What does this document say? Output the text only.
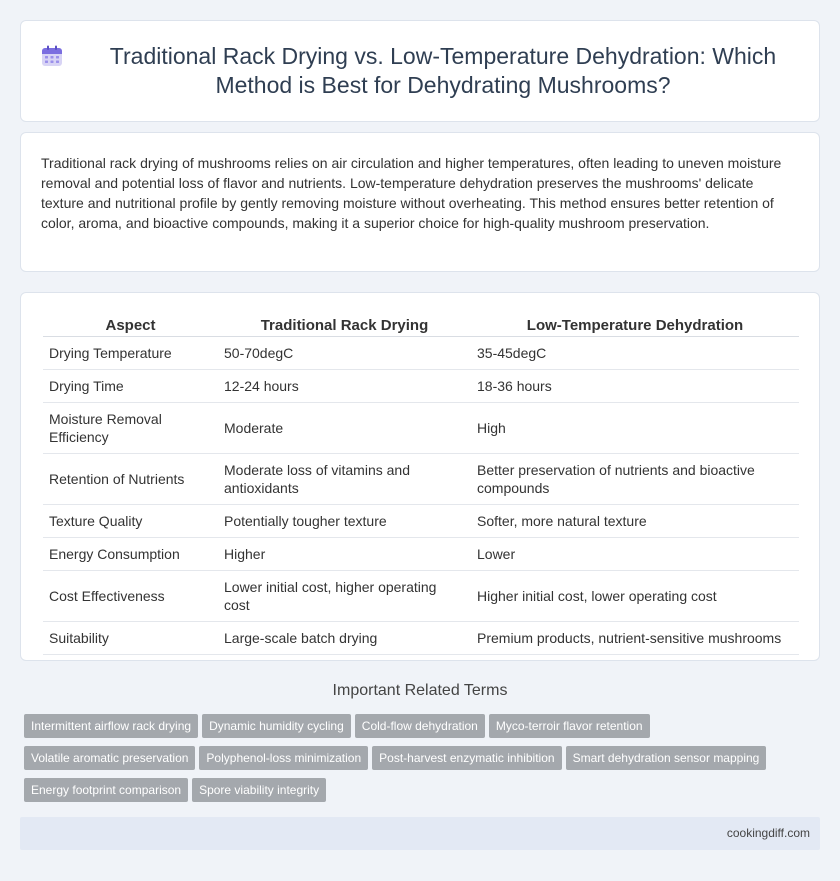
Traditional Rack Drying vs. Low-Temperature Dehydration: Which Method is Best for Dehydrating Mushrooms?

Traditional rack drying of mushrooms relies on air circulation and higher temperatures, often leading to uneven moisture removal and potential loss of flavor and nutrients. Low-temperature dehydration preserves the mushrooms' delicate texture and nutritional profile by gently removing moisture without overheating. This method ensures better retention of color, aroma, and bioactive compounds, making it a superior choice for high-quality mushroom preservation.

Aspect	Traditional Rack Drying	Low-Temperature Dehydration
Drying Temperature	50-70degC	35-45degC
Drying Time	12-24 hours	18-36 hours
Moisture Removal Efficiency	Moderate	High
Retention of Nutrients	Moderate loss of vitamins and antioxidants	Better preservation of nutrients and bioactive compounds
Texture Quality	Potentially tougher texture	Softer, more natural texture
Energy Consumption	Higher	Lower
Cost Effectiveness	Lower initial cost, higher operating cost	Higher initial cost, lower operating cost
Suitability	Large-scale batch drying	Premium products, nutrient-sensitive mushrooms
Important Related Terms
Intermittent airflow rack drying Dynamic humidity cycling Cold-flow dehydration Myco-terroir flavor retention
Volatile aromatic preservation Polyphenol-loss minimization Post-harvest enzymatic inhibition Smart dehydration sensor mapping
Energy footprint comparison Spore viability integrity
cookingdiff.com
